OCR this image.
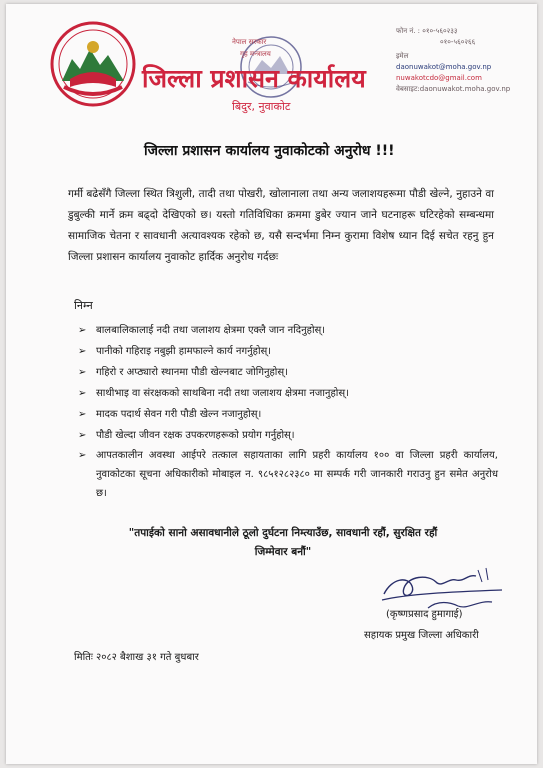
नेपाल सरकार
गृह मन्त्रालय
जिल्ला प्रशासन कार्यालय
बिदुर, नुवाकोट
फोन नं. : ०१०-५६०२३३
०१०-५६०२६६
इमेल
daonuwakot@moha.gov.np
nuwakotcdo@gmail.com
वेबसाइट:daonuwakot.moha.gov.np
जिल्ला प्रशासन कार्यालय नुवाकोटको अनुरोध !!!
गर्मी बढेसँगै जिल्ला स्थित त्रिशुली, तादी तथा पोखरी, खोलानाला तथा अन्य जलाशयहरूमा पौडी खेल्ने, नुहाउने वा डुबुल्की मार्ने क्रम बढ्दो देखिएको छ। यस्तो गतिविधिका क्रममा डुबेर ज्यान जाने घटनाहरू घटिरहेको सम्बन्धमा सामाजिक चेतना र सावधानी अत्यावश्यक रहेको छ, यसै सन्दर्भमा निम्न कुरामा विशेष ध्यान दिई सचेत रहनु हुन जिल्ला प्रशासन कार्यालय नुवाकोट हार्दिक अनुरोध गर्दछः
निम्न
➢ बालबालिकालाई नदी तथा जलाशय क्षेत्रमा एक्लै जान नदिनुहोस्।
➢ पानीको गहिराइ नबुझी हामफाल्ने कार्य नगर्नुहोस्।
➢ गहिरो र अप्ठ्यारो स्थानमा पौडी खेल्नबाट जोगिनुहोस्।
➢ साथीभाइ वा संरक्षकको साथबिना नदी तथा जलाशय क्षेत्रमा नजानुहोस्।
➢ मादक पदार्थ सेवन गरी पौडी खेल्न नजानुहोस्।
➢ पौडी खेल्दा जीवन रक्षक उपकरणहरूको प्रयोग गर्नुहोस्।
➢ आपतकालीन अवस्था आईपरे तत्काल सहायताका लागि प्रहरी कार्यालय १०० वा जिल्ला प्रहरी कार्यालय, नुवाकोटका सूचना अधिकारीको मोबाइल न. ९८५१२८२३८० मा सम्पर्क गरी जानकारी गराउनु हुन समेत अनुरोध छ।
"तपाईको सानो असावधानीले ठूलो दुर्घटना निम्त्याउँछ, सावधानी रहौं, सुरक्षित रहौं जिम्मेवार बनौं"
(कृष्णप्रसाद हुमागाई)
सहायक प्रमुख जिल्ला अधिकारी
मितिः २०८२ बैशाख ३१ गते बुधबार
